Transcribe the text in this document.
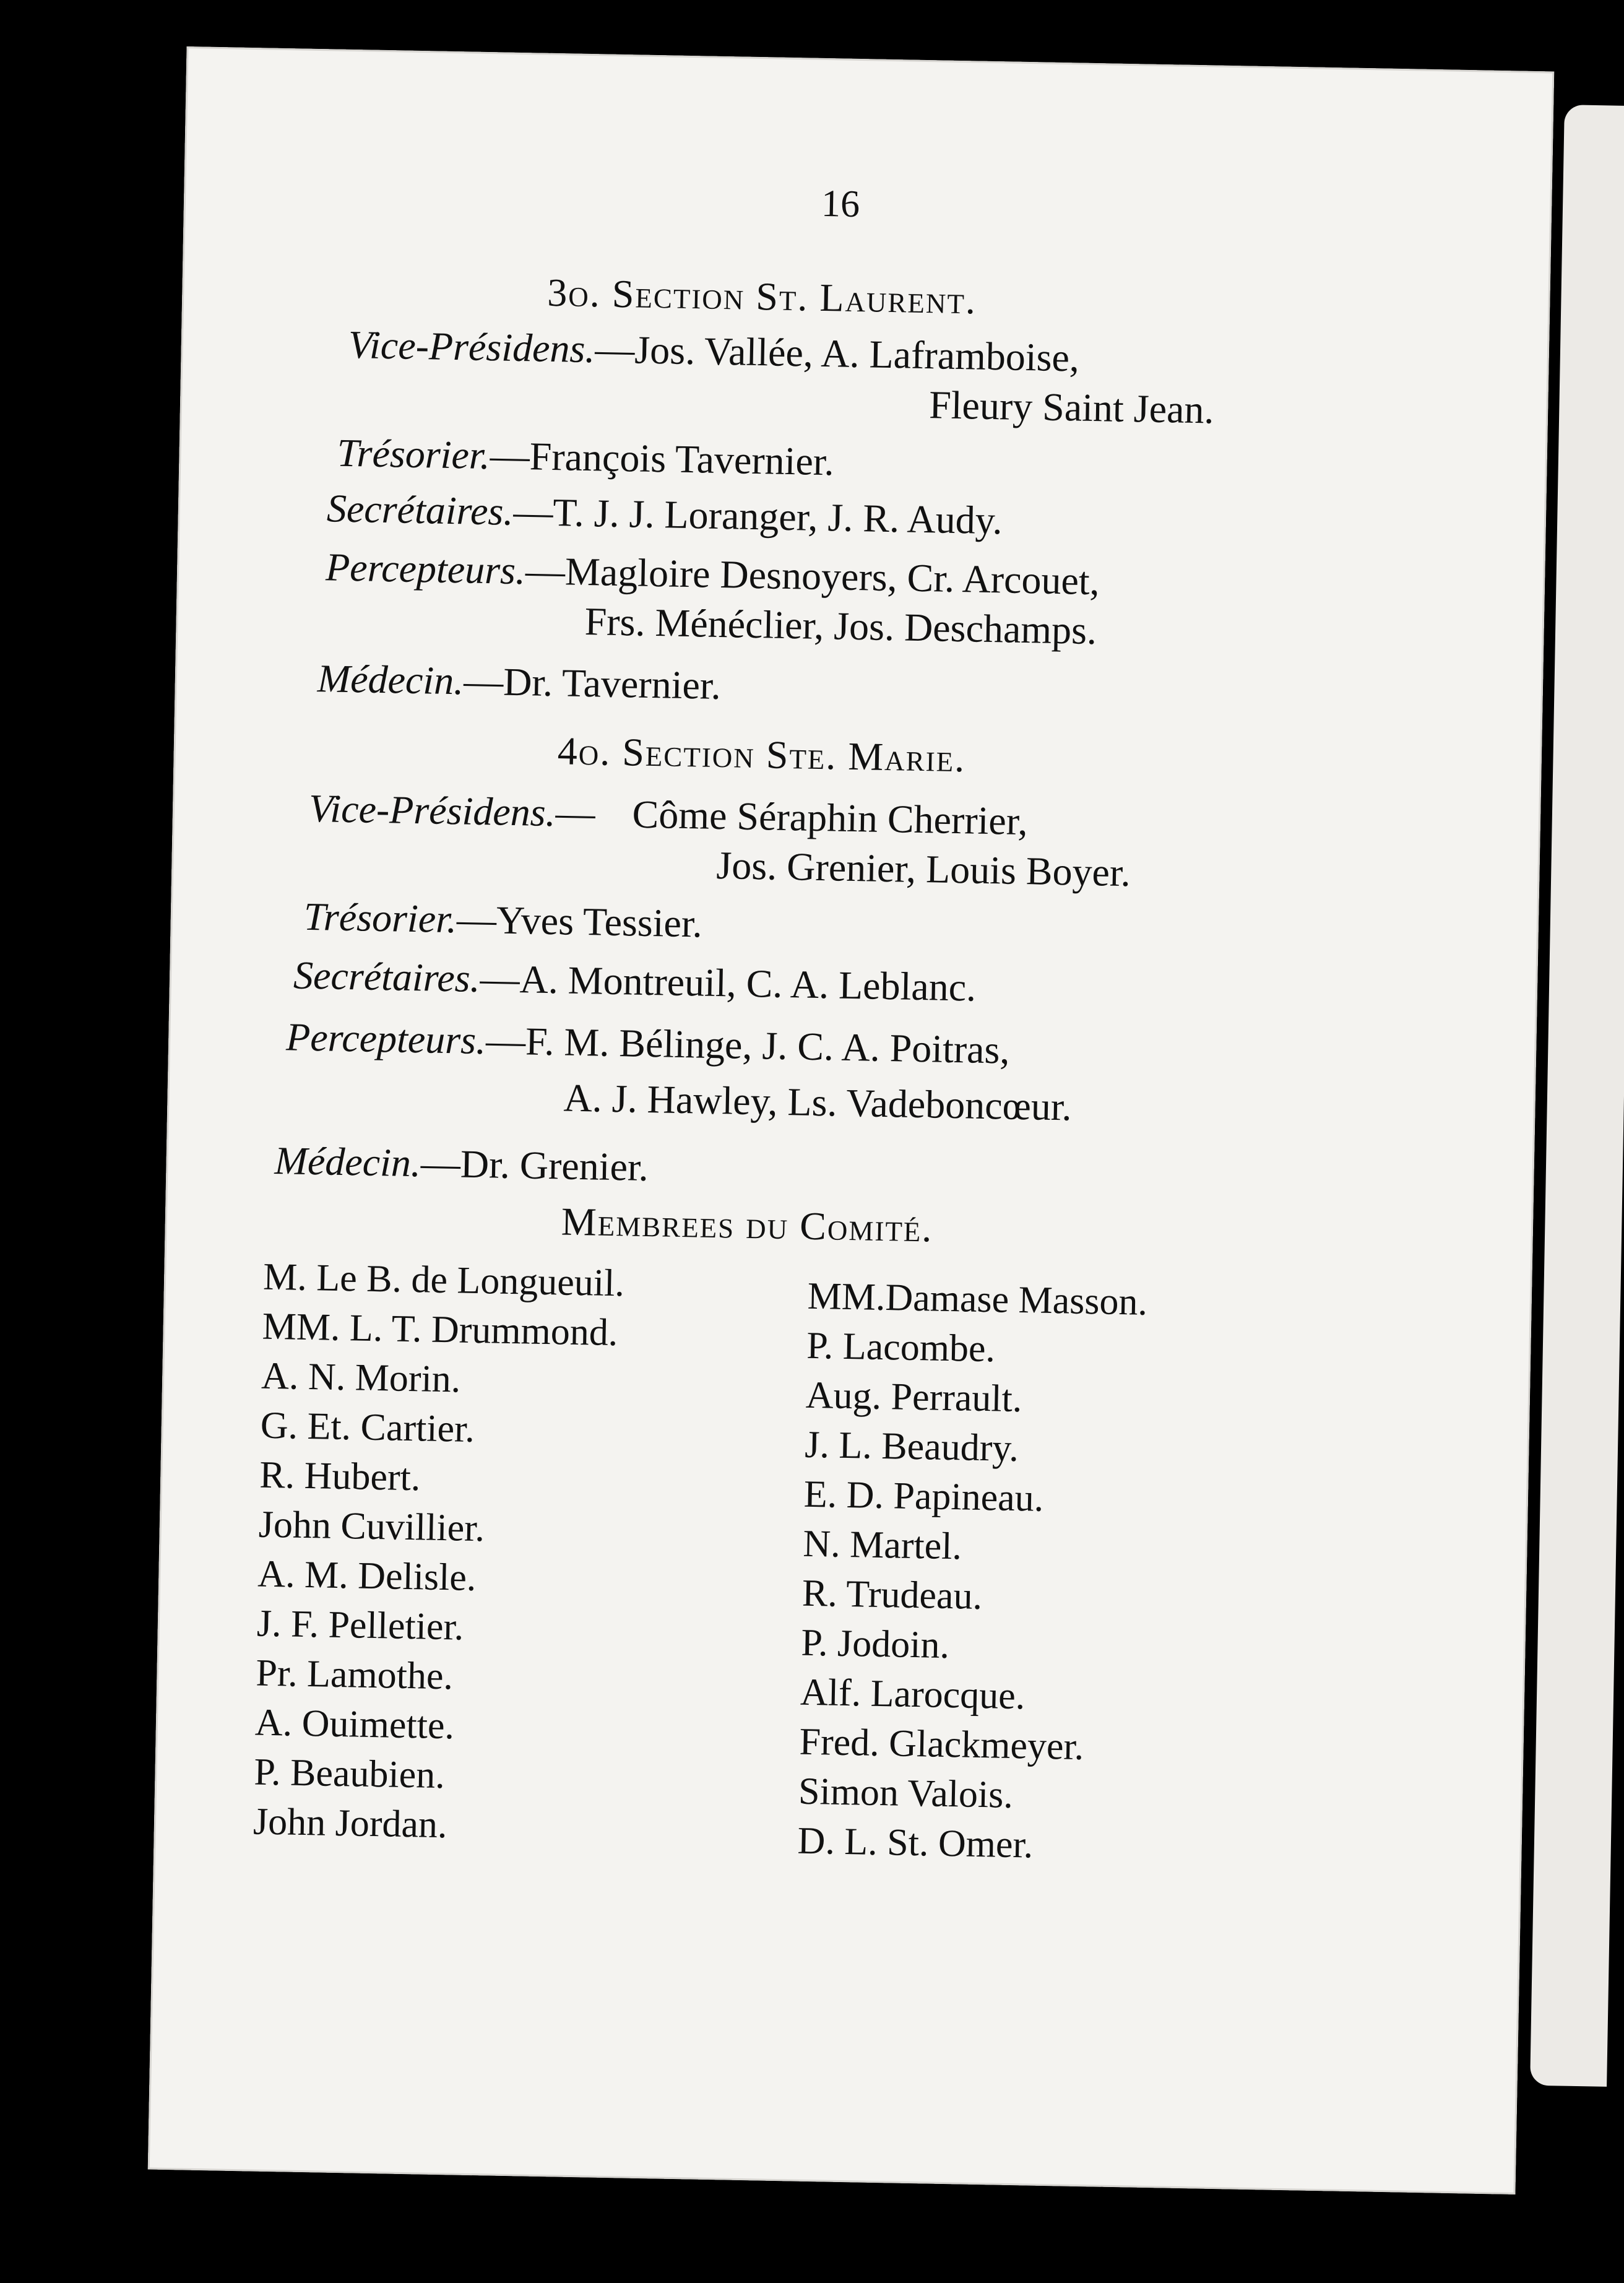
16
3o. Section St. Laurent.
Vice-Présidens.—Jos. Vallée, A. Laframboise,
Fleury Saint Jean.
Trésorier.—François Tavernier.
Secrétaires.—T. J. J. Loranger, J. R. Audy.
Percepteurs.—Magloire Desnoyers, Cr. Arcouet,
Frs. Ménéclier, Jos. Deschamps.
Médecin.—Dr. Tavernier.
4o. Section Ste. Marie.
Vice-Présidens.— Côme Séraphin Cherrier,
Jos. Grenier, Louis Boyer.
Trésorier.—Yves Tessier.
Secrétaires.—A. Montreuil, C. A. Leblanc.
Percepteurs.—F. M. Bélinge, J. C. A. Poitras,
A. J. Hawley, Ls. Vadeboncœur.
Médecin.—Dr. Grenier.
Membrees du Comité.
M. Le B. de Longueuil.
MM. L. T. Drummond.
A. N. Morin.
G. Et. Cartier.
R. Hubert.
John Cuvillier.
A. M. Delisle.
J. F. Pelletier.
Pr. Lamothe.
A. Ouimette.
P. Beaubien.
John Jordan.
MM.Damase Masson.
P. Lacombe.
Aug. Perrault.
J. L. Beaudry.
E. D. Papineau.
N. Martel.
R. Trudeau.
P. Jodoin.
Alf. Larocque.
Fred. Glackmeyer.
Simon Valois.
D. L. St. Omer.
